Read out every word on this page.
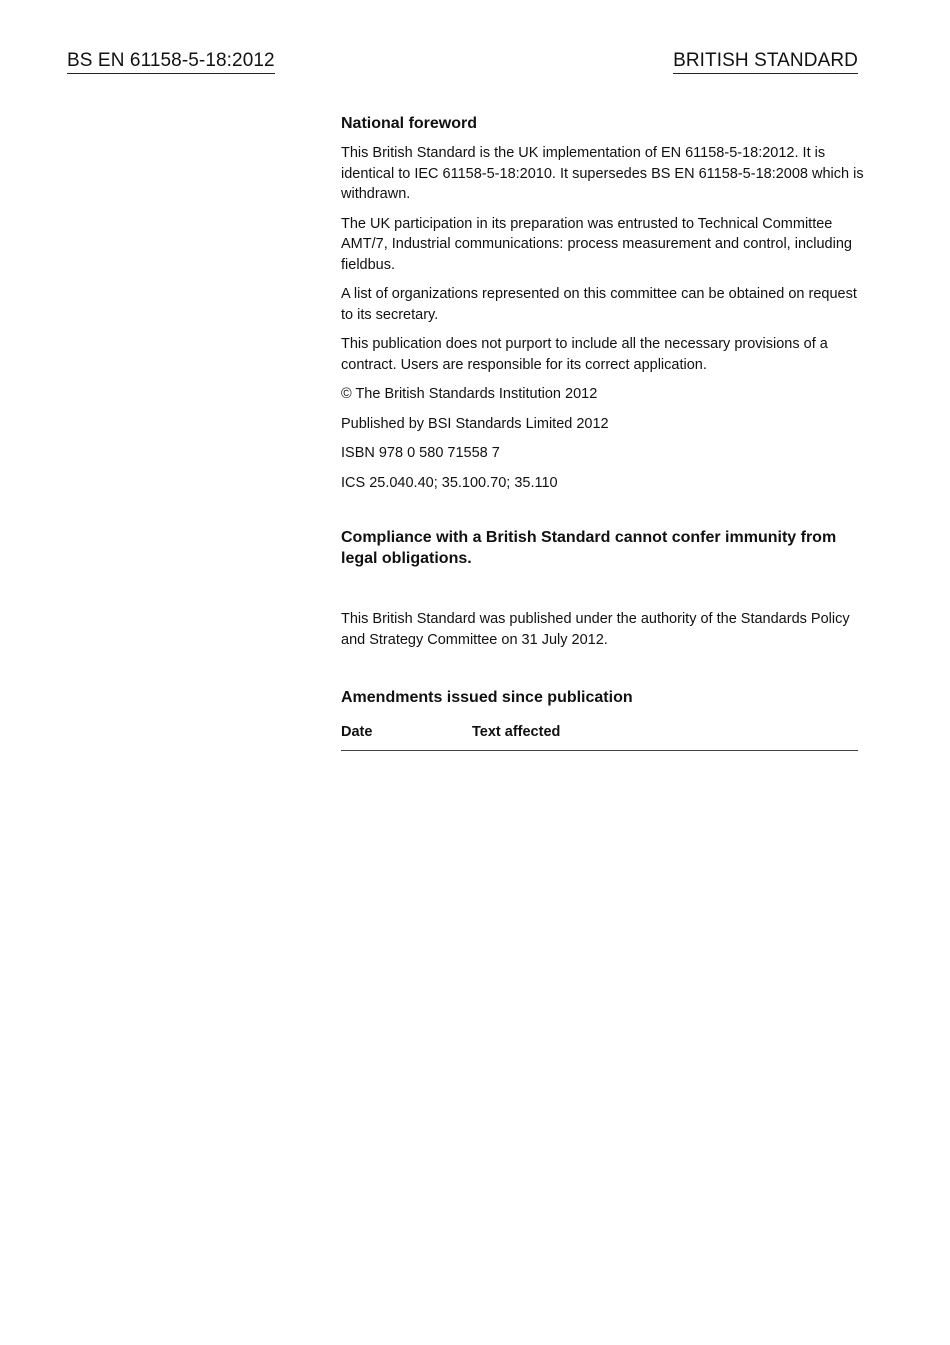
BS EN 61158-5-18:2012	BRITISH STANDARD

National foreword

This British Standard is the UK implementation of EN 61158-5-18:2012. It is identical to IEC 61158-5-18:2010. It supersedes BS EN 61158-5-18:2008 which is withdrawn.

The UK participation in its preparation was entrusted to Technical Committee AMT/7, Industrial communications: process measurement and control, including fieldbus.

A list of organizations represented on this committee can be obtained on request to its secretary.

This publication does not purport to include all the necessary provisions of a contract. Users are responsible for its correct application.

© The British Standards Institution 2012

Published by BSI Standards Limited 2012

ISBN 978 0 580 71558 7

ICS 25.040.40; 35.100.70; 35.110

Compliance with a British Standard cannot confer immunity from legal obligations.

This British Standard was published under the authority of the Standards Policy and Strategy Committee on 31 July 2012.

Amendments issued since publication

Date	Text affected
